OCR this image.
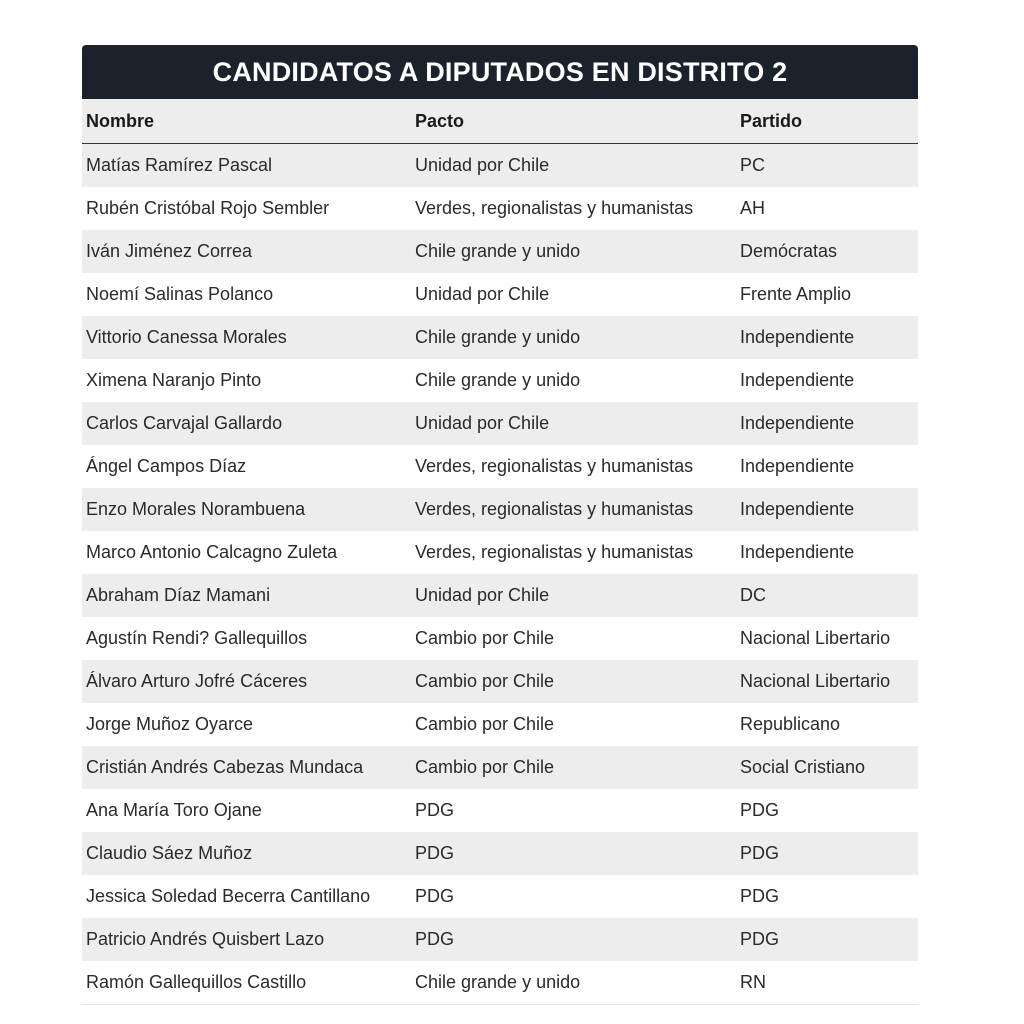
CANDIDATOS A DIPUTADOS EN DISTRITO 2
Nombre	Pacto	Partido
Matías Ramírez Pascal	Unidad por Chile	PC
Rubén Cristóbal Rojo Sembler	Verdes, regionalistas y humanistas	AH
Iván Jiménez Correa	Chile grande y unido	Demócratas
Noemí Salinas Polanco	Unidad por Chile	Frente Amplio
Vittorio Canessa Morales	Chile grande y unido	Independiente
Ximena Naranjo Pinto	Chile grande y unido	Independiente
Carlos Carvajal Gallardo	Unidad por Chile	Independiente
Ángel Campos Díaz	Verdes, regionalistas y humanistas	Independiente
Enzo Morales Norambuena	Verdes, regionalistas y humanistas	Independiente
Marco Antonio Calcagno Zuleta	Verdes, regionalistas y humanistas	Independiente
Abraham Díaz Mamani	Unidad por Chile	DC
Agustín Rendi? Gallequillos	Cambio por Chile	Nacional Libertario
Álvaro Arturo Jofré Cáceres	Cambio por Chile	Nacional Libertario
Jorge Muñoz Oyarce	Cambio por Chile	Republicano
Cristián Andrés Cabezas Mundaca	Cambio por Chile	Social Cristiano
Ana María Toro Ojane	PDG	PDG
Claudio Sáez Muñoz	PDG	PDG
Jessica Soledad Becerra Cantillano	PDG	PDG
Patricio Andrés Quisbert Lazo	PDG	PDG
Ramón Gallequillos Castillo	Chile grande y unido	RN
